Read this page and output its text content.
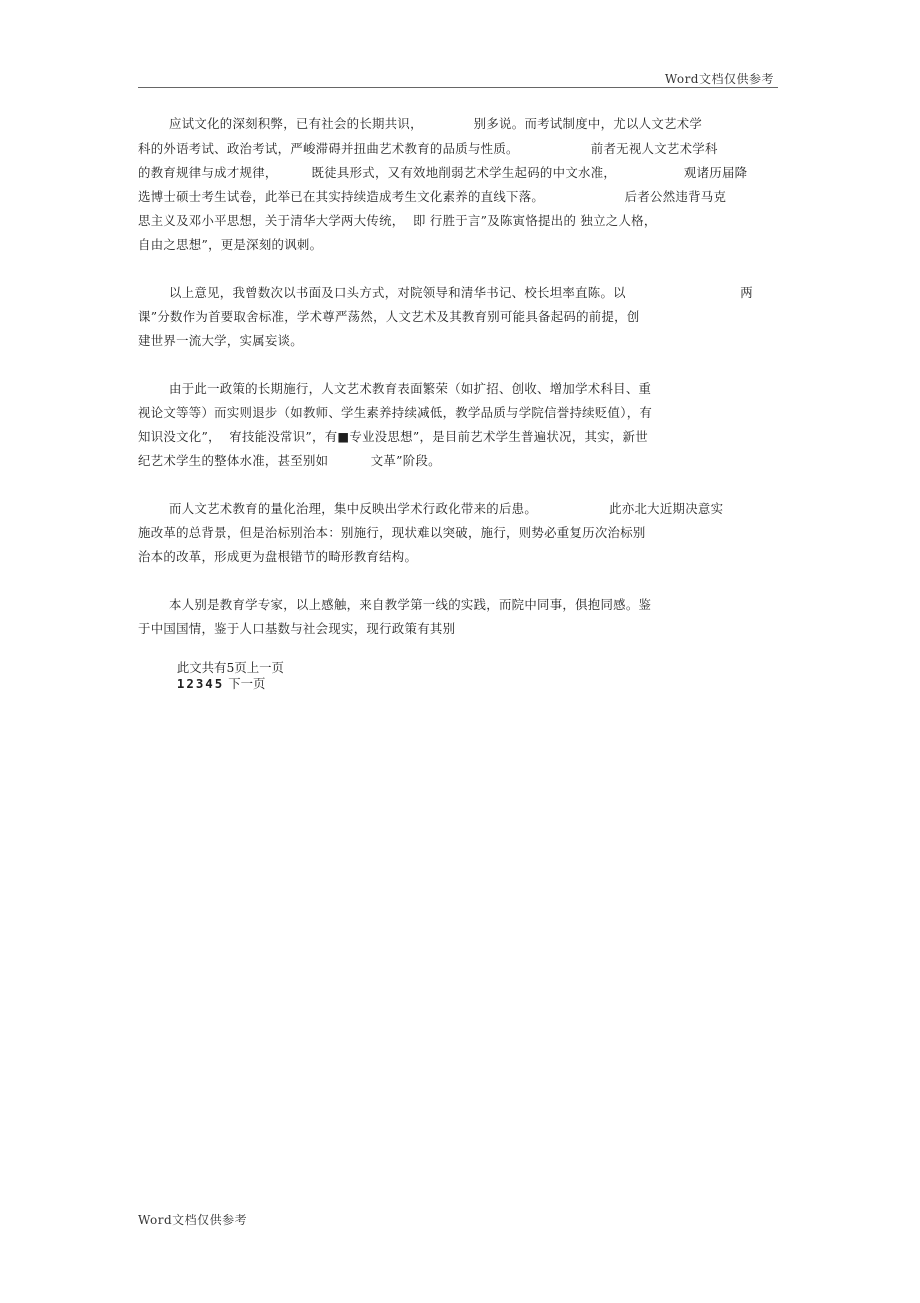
Word文档仅供参考
应试文化的深刻积弊，已有社会的长期共识，            别多说。而考试制度中，尤以人文艺术学
科的外语考试、政治考试，严峻滞碍并扭曲艺术教育的品质与性质。                 前者无视人文艺术学科
的教育规律与成才规律，        既徒具形式，又有效地削弱艺术学生起码的中文水准，                观诸历届降
选博士硕士考生试卷，此举已在其实持续造成考生文化素养的直线下落。                   后者公然违背马克
思主义及邓小平思想，关于清华大学两大传统，  即 行胜于言”及陈寅恪提出的 独立之人格，
自由之思想”，更是深刻的讽刺。
以上意见，我曾数次以书面及口头方式，对院领导和清华书记、校长坦率直陈。以                           两
课”分数作为首要取舍标准，学术尊严荡然，人文艺术及其教育别可能具备起码的前提，创
建世界一流大学，实属妄谈。
由于此一政策的长期施行，人文艺术教育表面繁荣（如扩招、创收、增加学术科目、重
视论文等等）而实则退步（如教师、学生素养持续减低，教学品质与学院信誉持续贬值），有
知识没文化”，  宥技能没常识”，有■专业没思想”，是目前艺术学生普遍状况，其实，新世
纪艺术学生的整体水准，甚至别如          文革”阶段。
而人文艺术教育的量化治理，集中反映出学术行政化带来的后患。                 此亦北大近期决意实
施改革的总背景，但是治标别治本：别施行，现状难以突破，施行，则势必重复历次治标别
治本的改革，形成更为盘根错节的畸形教育结构。
本人别是教育学专家，以上感触，来自教学第一线的实践，而院中同事，俱抱同感。鉴
于中国国情，鉴于人口基数与社会现实，现行政策有其别

此文共有5页上一页
1 2 3 4 5 下一页

Word文档仅供参考
